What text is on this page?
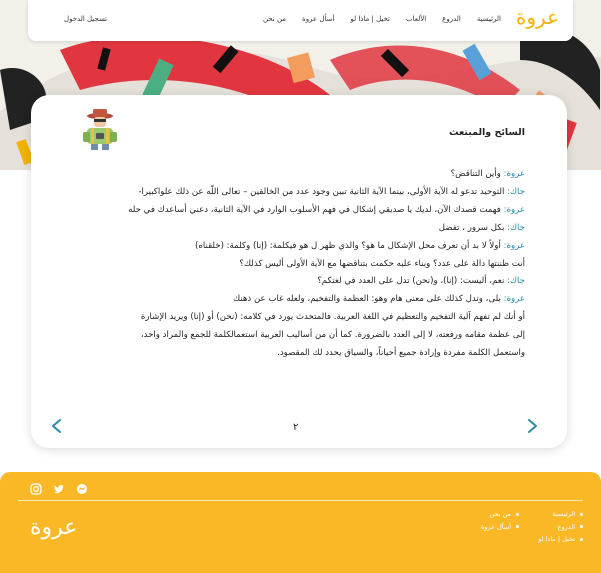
عروة
الرئيسية
الدروع
الألعاب
تخيل | ماذا لو
أسأل عروة
من نحن
تسجيل الدخول
السائح والمبتعث
عروة: وأين التناقض؟
جاك: التوحيد تدعو له الآية الأولى، بينما الآية الثانية تبين وجود عدد من الخالقين – تعالى اللّه عن ذلك علواكبيرا-
عروة: فهمت قصدك الآن، لديك يا صديقي إشكال في فهم الأسلوب الوارد في الآية الثانية، دعني أساعدك في حله
جاك: بكل سرور ، تفضل
عروة: أولاً لا بد أن تعرف محل الإشكال ما هو؟ والذي ظهر ل هو فيكلمة: (إنا) وكلمة: (خلقناه)
أنت ظننتها دالة على عدد؟ وبناء عليه حكمت بتناقضها مع الآية الأولى أليس كذلك؟
جاك: نعم، أليست: (إنا)، و(نحن) تدل على العدد في لغتكم؟
عروة: بلى، وتدل كذلك على معنى هام وهو: العظمة والتفخيم، ولعله غاب عن ذهنك
أو أنك لم تفهم آلية التفخيم والتعظيم في اللغة العربية. فالمتحدث يورد في كلامه: (نحن) أو (إنا) ويريد الإشارة
إلى عظمة مقامه ورفعته، لا إلى العدد بالضرورة. كما أن من أساليب العربية استعمالكلمة للجمع والمراد واحد،
واستعمل الكلمة مفردة وإرادة جميع أحياناً، والسياق يحدد لك المقصود.
٢
الرئيسية
الدروع
تخيل | ماذا لو
من نحن
أسأل عروة
عروة
